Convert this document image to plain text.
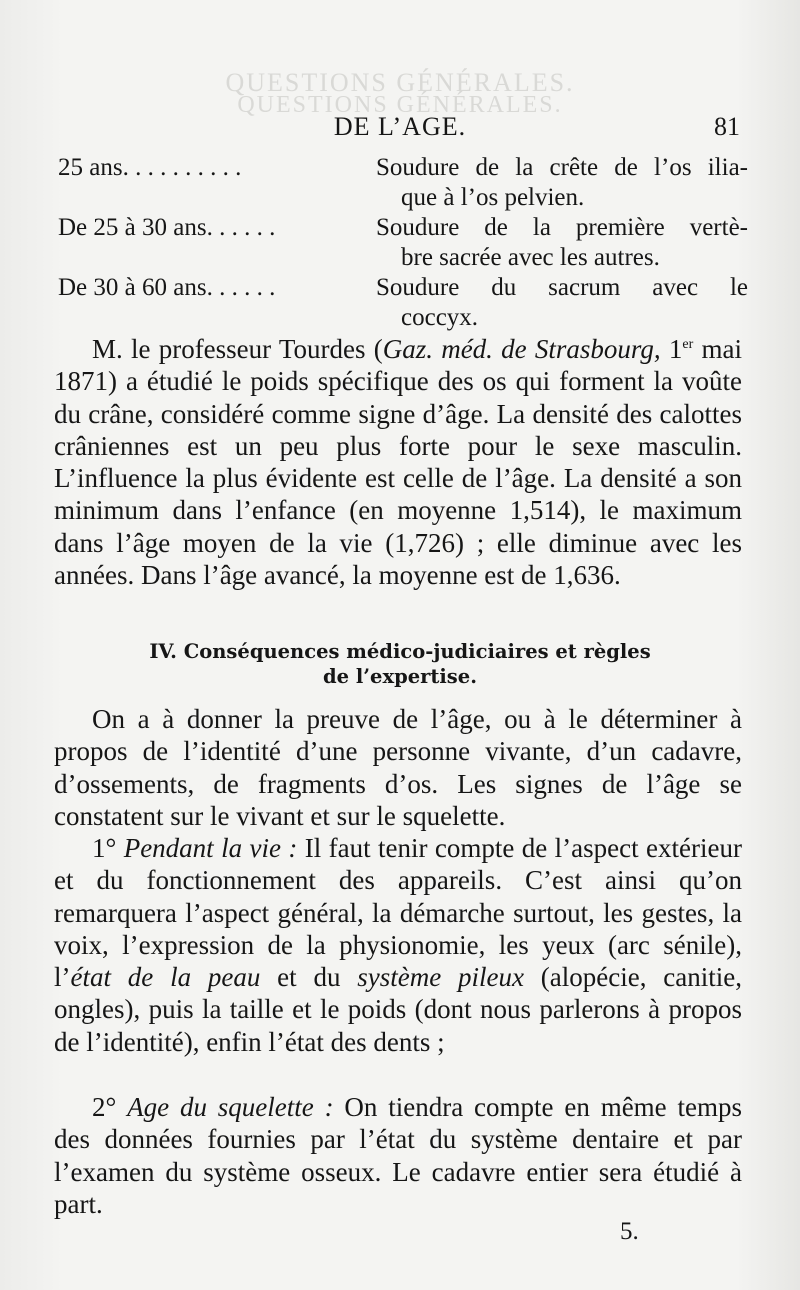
QUESTIONS GÉNÉRALES.
QUESTIONS GÉNÉRALES.
DE L’AGE.	81
25 ans. . . . . . . . . .	Soudure de la crête de l’os ilia-
que à l’os pelvien.
De 25 à 30 ans. . . . . .	Soudure de la première vertè-
bre sacrée avec les autres.
De 30 à 60 ans. . . . . .	Soudure du sacrum avec le
coccyx.

M. le professeur Tourdes (Gaz. méd. de Strasbourg, 1er mai 1871) a étudié le poids spécifique des os qui forment la voûte du crâne, considéré comme signe d’âge. La densité des calottes crâniennes est un peu plus forte pour le sexe masculin. L’influence la plus évidente est celle de l’âge. La densité a son minimum dans l’enfance (en moyenne 1,514), le maximum dans l’âge moyen de la vie (1,726) ; elle diminue avec les années. Dans l’âge avancé, la moyenne est de 1,636.

IV. Conséquences médico-judiciaires et règles
de l’expertise.

On a à donner la preuve de l’âge, ou à le déterminer à propos de l’identité d’une personne vivante, d’un cadavre, d’ossements, de fragments d’os. Les signes de l’âge se constatent sur le vivant et sur le squelette.

1° Pendant la vie : Il faut tenir compte de l’aspect extérieur et du fonctionnement des appareils. C’est ainsi qu’on remarquera l’aspect général, la démarche surtout, les gestes, la voix, l’expression de la physionomie, les yeux (arc sénile), l’état de la peau et du système pileux (alopécie, canitie, ongles), puis la taille et le poids (dont nous parlerons à propos de l’identité), enfin l’état des dents ;

2° Age du squelette : On tiendra compte en même temps des données fournies par l’état du système dentaire et par l’examen du système osseux. Le cadavre entier sera étudié à part.

5.
